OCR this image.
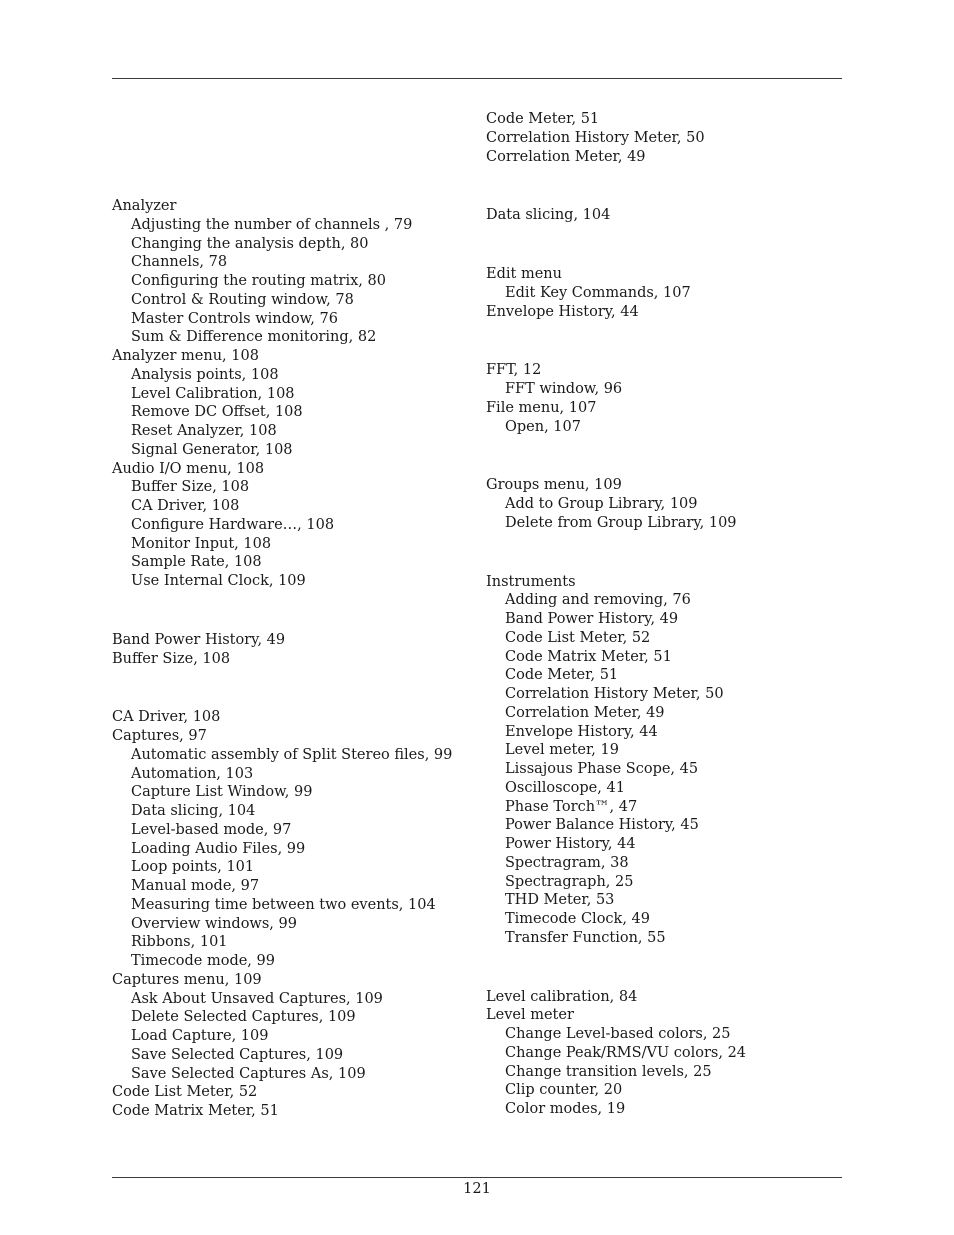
Analyzer
Adjusting the number of channels , 79
Changing the analysis depth, 80
Channels, 78
Configuring the routing matrix, 80
Control & Routing window, 78
Master Controls window, 76
Sum & Difference monitoring, 82
Analyzer menu, 108
Analysis points, 108
Level Calibration, 108
Remove DC Offset, 108
Reset Analyzer, 108
Signal Generator, 108
Audio I/O menu, 108
Buffer Size, 108
CA Driver, 108
Configure Hardware…, 108
Monitor Input, 108
Sample Rate, 108
Use Internal Clock, 109
Band Power History, 49
Buffer Size, 108
CA Driver, 108
Captures, 97
Automatic assembly of Split Stereo files, 99
Automation, 103
Capture List Window, 99
Data slicing, 104
Level-based mode, 97
Loading Audio Files, 99
Loop points, 101
Manual mode, 97
Measuring time between two events, 104
Overview windows, 99
Ribbons, 101
Timecode mode, 99
Captures menu, 109
Ask About Unsaved Captures, 109
Delete Selected Captures, 109
Load Capture, 109
Save Selected Captures, 109
Save Selected Captures As, 109
Code List Meter, 52
Code Matrix Meter, 51
Code Meter, 51
Correlation History Meter, 50
Correlation Meter, 49
Data slicing, 104
Edit menu
Edit Key Commands, 107
Envelope History, 44
FFT, 12
FFT window, 96
File menu, 107
Open, 107
Groups menu, 109
Add to Group Library, 109
Delete from Group Library, 109
Instruments
Adding and removing, 76
Band Power History, 49
Code List Meter, 52
Code Matrix Meter, 51
Code Meter, 51
Correlation History Meter, 50
Correlation Meter, 49
Envelope History, 44
Level meter, 19
Lissajous Phase Scope, 45
Oscilloscope, 41
Phase Torch™, 47
Power Balance History, 45
Power History, 44
Spectragram, 38
Spectragraph, 25
THD Meter, 53
Timecode Clock, 49
Transfer Function, 55
Level calibration, 84
Level meter
Change Level-based colors, 25
Change Peak/RMS/VU colors, 24
Change transition levels, 25
Clip counter, 20
Color modes, 19
121
